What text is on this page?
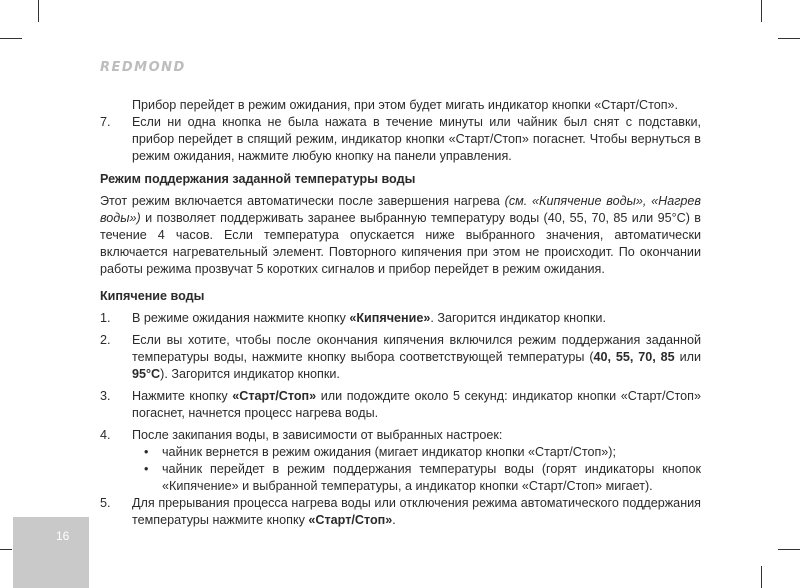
REDMOND
Прибор перейдет в режим ожидания, при этом будет мигать индикатор кнопки «Старт/Стоп».
7.	Если ни одна кнопка не была нажата в течение минуты или чайник был снят с подставки, прибор перейдет в спящий режим, индикатор кнопки «Старт/Стоп» погаснет. Чтобы вернуться в режим ожидания, нажмите любую кнопку на панели управления.
Режим поддержания заданной температуры воды

Этот режим включается автоматически после завершения нагрева (см. «Кипячение воды», «Нагрев воды») и позволяет поддерживать заранее выбранную температуру воды (40, 55, 70, 85 или 95°С) в течение 4 часов. Если температура опускается ниже выбранного значения, автоматически включается нагревательный элемент. Повторного кипячения при этом не происходит. По окончании работы режима прозвучат 5 коротких сигналов и прибор перейдет в режим ожидания.

Кипячение воды
1.	В режиме ожидания нажмите кнопку «Кипячение». Загорится индикатор кнопки.
2.	Если вы хотите, чтобы после окончания кипячения включился режим поддержания заданной температуры воды, нажмите кнопку выбора соответствующей температуры (40, 55, 70, 85 или 95°С). Загорится индикатор кнопки.
3.	Нажмите кнопку «Старт/Стоп» или подождите около 5 секунд: индикатор кнопки «Старт/Стоп» погаснет, начнется процесс нагрева воды.
4.	После закипания воды, в зависимости от выбранных настроек:
•	чайник вернется в режим ожидания (мигает индикатор кнопки «Старт/Стоп»);
•	чайник перейдет в режим поддержания температуры воды (горят индикаторы кнопок «Кипячение» и выбранной температуры, а индикатор кнопки «Старт/Стоп» мигает).
5.	Для прерывания процесса нагрева воды или отключения режима автоматического поддержания температуры нажмите кнопку «Старт/Стоп».
16
